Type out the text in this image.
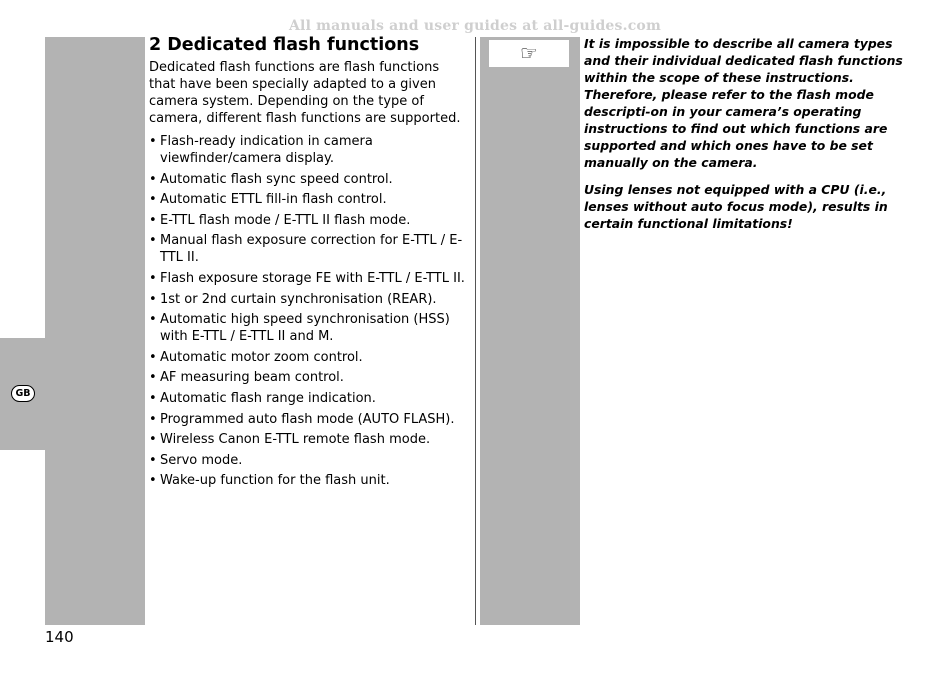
All manuals and user guides at all-guides.com
GB
☞
2 Dedicated flash functions

Dedicated flash functions are flash functions that have been specially adapted to a given camera system. Depending on the type of camera, different flash functions are supported.

• Flash-ready indication in camera viewfinder/camera display.
• Automatic flash sync speed control.
• Automatic ETTL fill-in flash control.
• E-TTL flash mode / E-TTL II flash mode.
• Manual flash exposure correction for E-TTL / E-TTL II.
• Flash exposure storage FE with E-TTL / E-TTL II.
• 1st or 2nd curtain synchronisation (REAR).
• Automatic high speed synchronisation (HSS) with E-TTL / E-TTL II and M.
• Automatic motor zoom control.
• AF measuring beam control.
• Automatic flash range indication.
• Programmed auto flash mode (AUTO FLASH).
• Wireless Canon E-TTL remote flash mode.
• Servo mode.
• Wake-up function for the flash unit.

It is impossible to describe all camera types and their individual dedicated flash functions within the scope of these instructions. Therefore, please refer to the flash mode descripti-on in your camera’s operating instructions to find out which functions are supported and which ones have to be set manually on the camera.

Using lenses not equipped with a CPU (i.e., lenses without auto focus mode), results in certain functional limitations!

140
